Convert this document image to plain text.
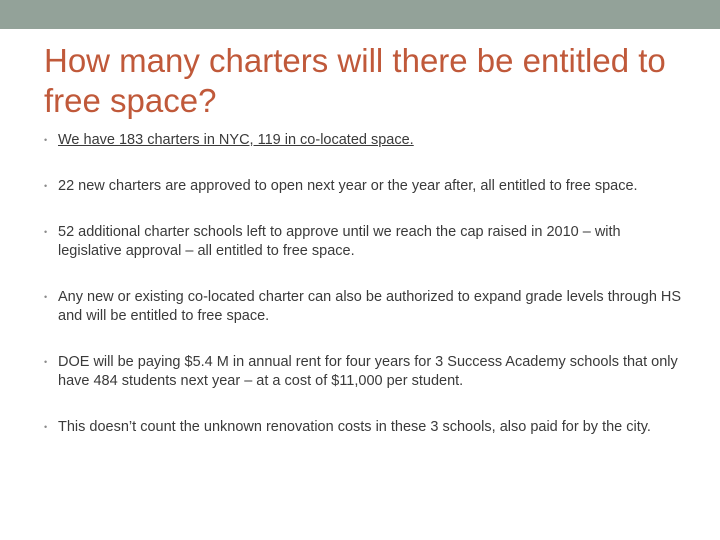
How many charters will there be entitled to free space?
• We have 183 charters in NYC, 119 in co-located space.
• 22 new charters are approved to open next year or the year after, all entitled to free space.
• 52 additional charter schools left to approve until we reach the cap raised in 2010 – with legislative approval – all entitled to free space.
• Any new or existing co-located charter can also be authorized to expand grade levels through HS and will be entitled to free space.
• DOE will be paying $5.4 M in annual rent for four years for 3 Success Academy schools that only have 484 students next year – at a cost of $11,000 per student.
• This doesn’t count the unknown renovation costs in these 3 schools, also paid for by the city.
